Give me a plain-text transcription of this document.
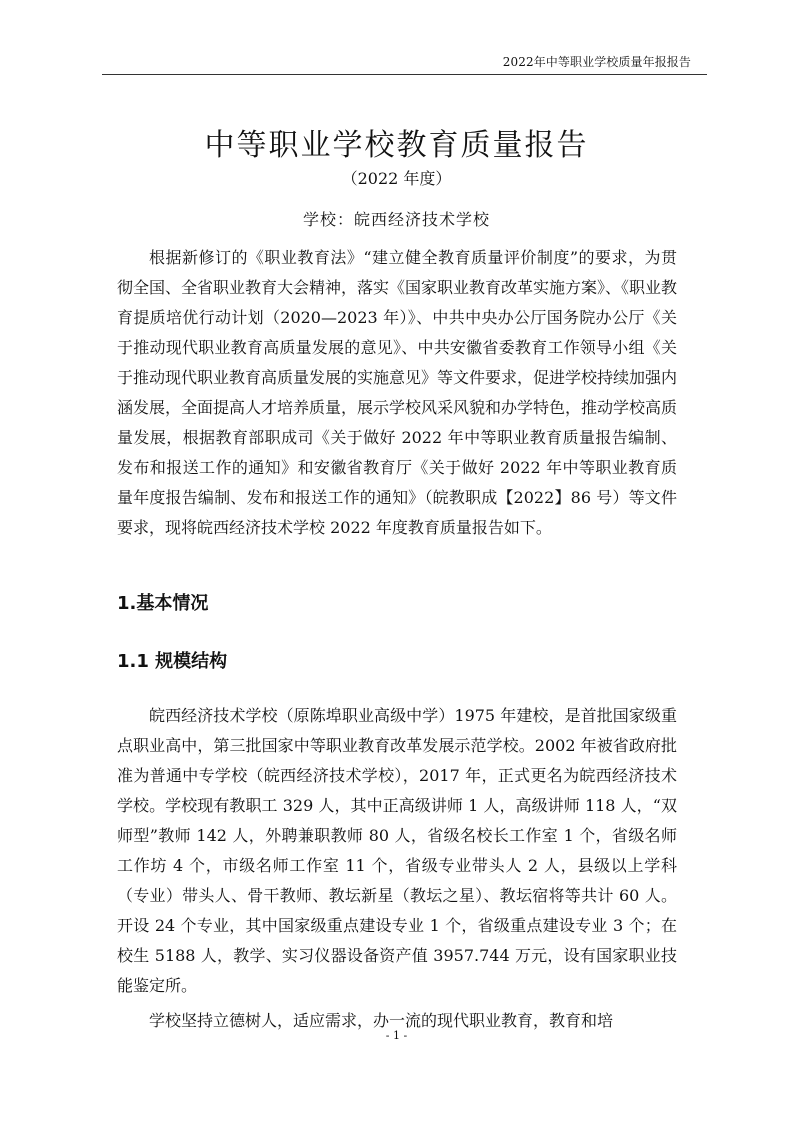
2022年中等职业学校质量年报报告
中等职业学校教育质量报告
（2022 年度）
学校：皖西经济技术学校

根据新修订的《职业教育法》“建立健全教育质量评价制度”的要求，为贯彻全国、全省职业教育大会精神，落实《国家职业教育改革实施方案》、《职业教育提质培优行动计划（2020—2023 年）》、中共中央办公厅国务院办公厅《关于推动现代职业教育高质量发展的意见》、中共安徽省委教育工作领导小组《关于推动现代职业教育高质量发展的实施意见》等文件要求，促进学校持续加强内涵发展，全面提高人才培养质量，展示学校风采风貌和办学特色，推动学校高质量发展，根据教育部职成司《关于做好 2022 年中等职业教育质量报告编制、发布和报送工作的通知》和安徽省教育厅《关于做好 2022 年中等职业教育质量年度报告编制、发布和报送工作的通知》（皖教职成【2022】86 号）等文件要求，现将皖西经济技术学校 2022 年度教育质量报告如下。

1.基本情况
1.1 规模结构

皖西经济技术学校（原陈埠职业高级中学）1975 年建校，是首批国家级重点职业高中，第三批国家中等职业教育改革发展示范学校。2002 年被省政府批准为普通中专学校（皖西经济技术学校），2017 年，正式更名为皖西经济技术学校。学校现有教职工 329 人，其中正高级讲师 1 人，高级讲师 118 人，“双师型”教师 142 人，外聘兼职教师 80 人，省级名校长工作室 1 个，省级名师工作坊 4 个，市级名师工作室 11 个，省级专业带头人 2 人，县级以上学科（专业）带头人、骨干教师、教坛新星（教坛之星）、教坛宿将等共计 60 人。开设 24 个专业，其中国家级重点建设专业 1 个，省级重点建设专业 3 个；在校生 5188 人，教学、实习仪器设备资产值 3957.744 万元，设有国家职业技能鉴定所。

学校坚持立德树人，适应需求，办一流的现代职业教育，教育和培

- 1 -
